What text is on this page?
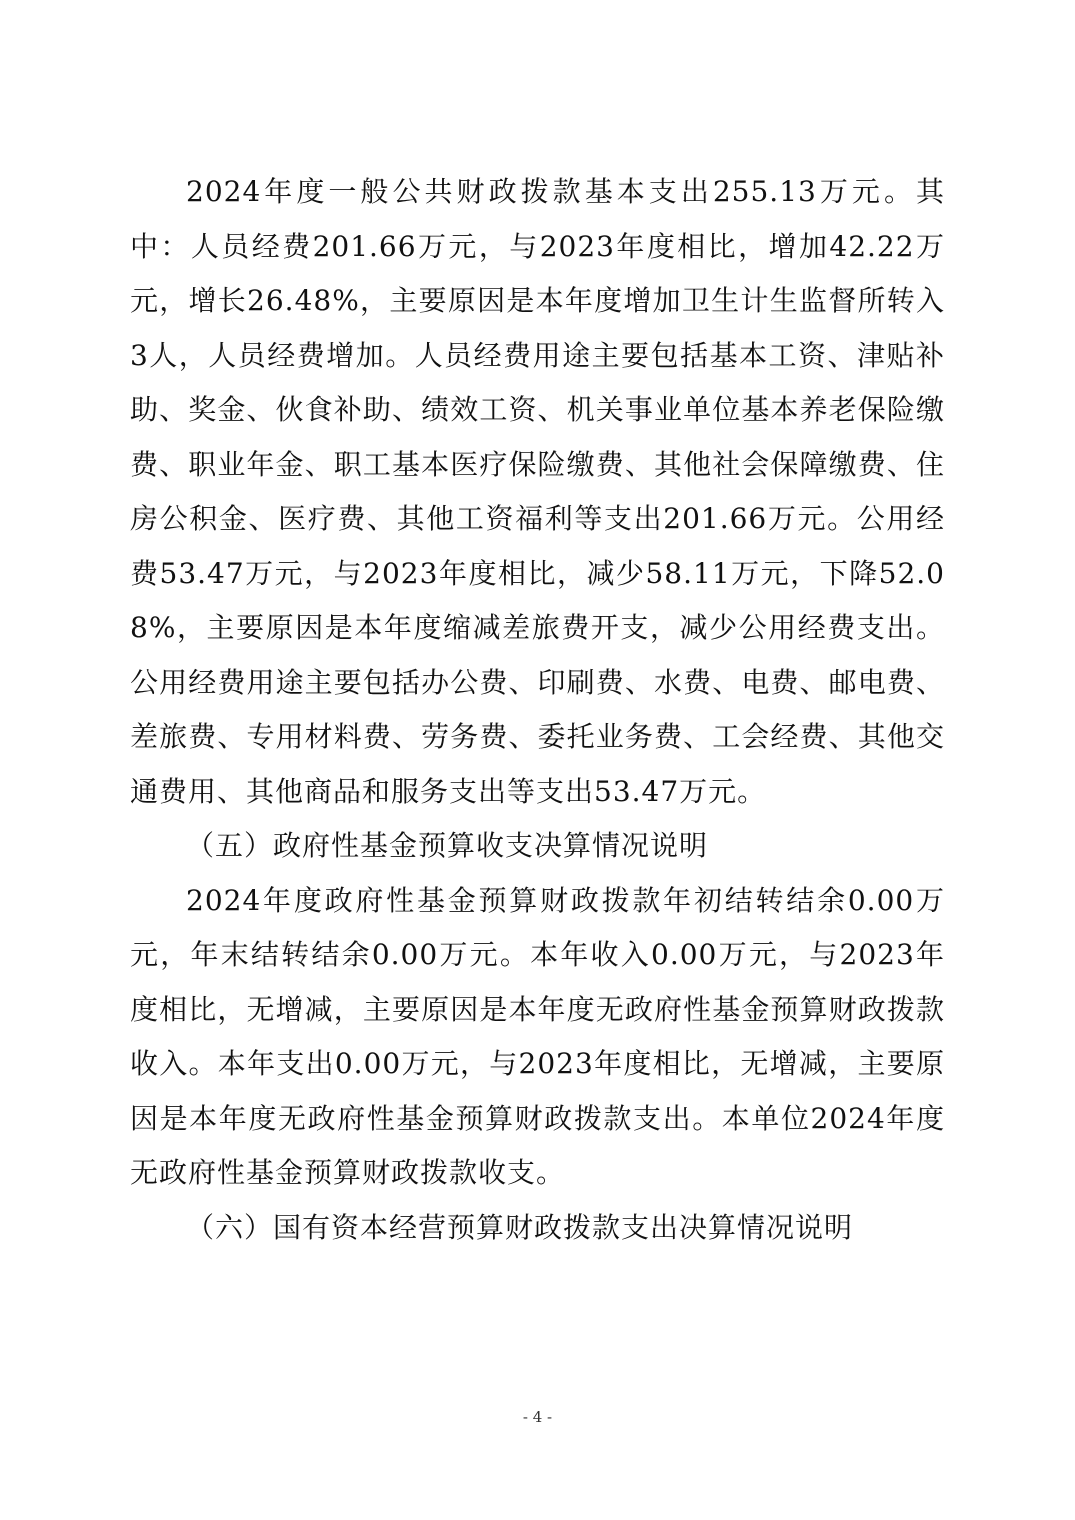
2024年度一般公共财政拨款基本支出255.13万元。其中：人员经费201.66万元，与2023年度相比，增加42.22万元，增长26.48%，主要原因是本年度增加卫生计生监督所转入3人，人员经费增加。人员经费用途主要包括基本工资、津贴补助、奖金、伙食补助、绩效工资、机关事业单位基本养老保险缴费、职业年金、职工基本医疗保险缴费、其他社会保障缴费、住房公积金、医疗费、其他工资福利等支出201.66万元。公用经费53.47万元，与2023年度相比，减少58.11万元，下降52.08%，主要原因是本年度缩减差旅费开支，减少公用经费支出。公用经费用途主要包括办公费、印刷费、水费、电费、邮电费、差旅费、专用材料费、劳务费、委托业务费、工会经费、其他交通费用、其他商品和服务支出等支出53.47万元。

（五）政府性基金预算收支决算情况说明

2024年度政府性基金预算财政拨款年初结转结余0.00万元，年末结转结余0.00万元。本年收入0.00万元，与2023年度相比，无增减，主要原因是本年度无政府性基金预算财政拨款收入。本年支出0.00万元，与2023年度相比，无增减，主要原因是本年度无政府性基金预算财政拨款支出。本单位2024年度无政府性基金预算财政拨款收支。

（六）国有资本经营预算财政拨款支出决算情况说明

- 4 -
